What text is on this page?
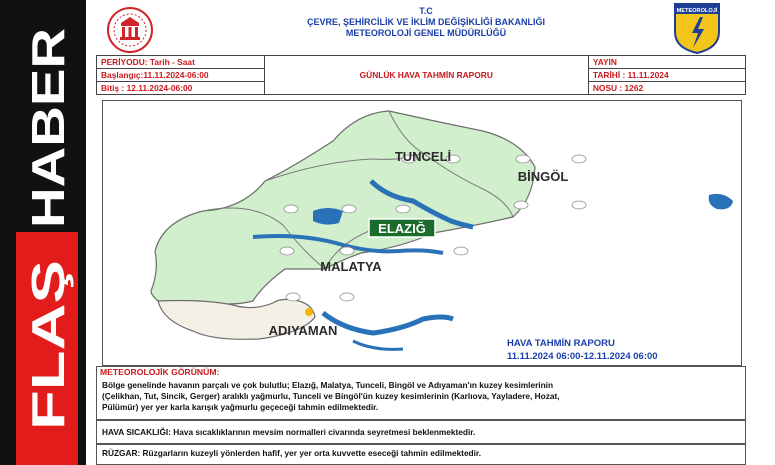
HABER
FLAŞ
T.C
ÇEVRE, ŞEHİRCİLİK VE İKLİM DEĞİŞİKLİĞİ BAKANLIĞI
METEOROLOJİ GENEL MÜDÜRLÜĞÜ
METEOROLOJİ
PERİYODU: Tarih - Saat	GÜNLÜK HAVA TAHMİN RAPORU	YAYIN
Başlangıç:11.11.2024-06:00		TARİHİ : 11.11.2024
Bitiş : 12.11.2024-06:00		NOSU : 1262
TUNCELİ
BİNGÖL
ELAZIĞ
MALATYA
ADIYAMAN
HAVA TAHMİN RAPORU
11.11.2024 06:00-12.11.2024 06:00
METEOROLOJİK GÖRÜNÜM:
Bölge genelinde havanın parçalı ve çok bulutlu; Elazığ, Malatya, Tunceli, Bingöl ve Adıyaman'ın kuzey kesimlerinin
(Çelikhan, Tut, Sincik, Gerger) aralıklı yağmurlu, Tunceli ve Bingöl'ün kuzey kesimlerinin (Karlıova, Yayladere, Hozat,
Pülümür) yer yer karla karışık yağmurlu geçeceği tahmin edilmektedir.
HAVA SICAKLIĞI: Hava sıcaklıklarının mevsim normalleri civarında seyretmesi beklenmektedir.
RÜZGAR: Rüzgarların kuzeyli yönlerden hafif, yer yer orta kuvvette eseceği tahmin edilmektedir.
